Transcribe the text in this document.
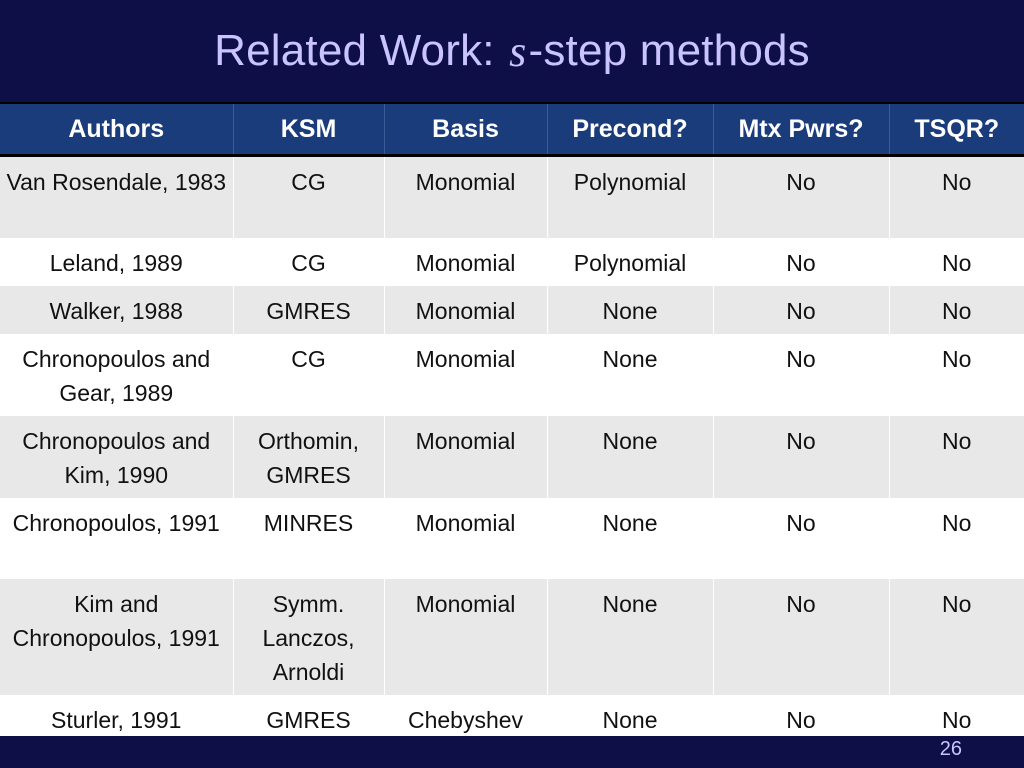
Related Work:
s -step methods
Authors	KSM	Basis	Precond?	Mtx Pwrs?	TSQR?
Van Rosendale, 1983	CG	Monomial	Polynomial	No	No
Leland, 1989	CG	Monomial	Polynomial	No	No
Walker, 1988	GMRES	Monomial	None	No	No
Chronopoulos and Gear, 1989	CG	Monomial	None	No	No
Chronopoulos and Kim, 1990	Orthomin, GMRES	Monomial	None	No	No
Chronopoulos, 1991	MINRES	Monomial	None	No	No
Kim and Chronopoulos, 1991	Symm. Lanczos, Arnoldi	Monomial	None	No	No
Sturler, 1991	GMRES	Chebyshev	None	No	No
26
